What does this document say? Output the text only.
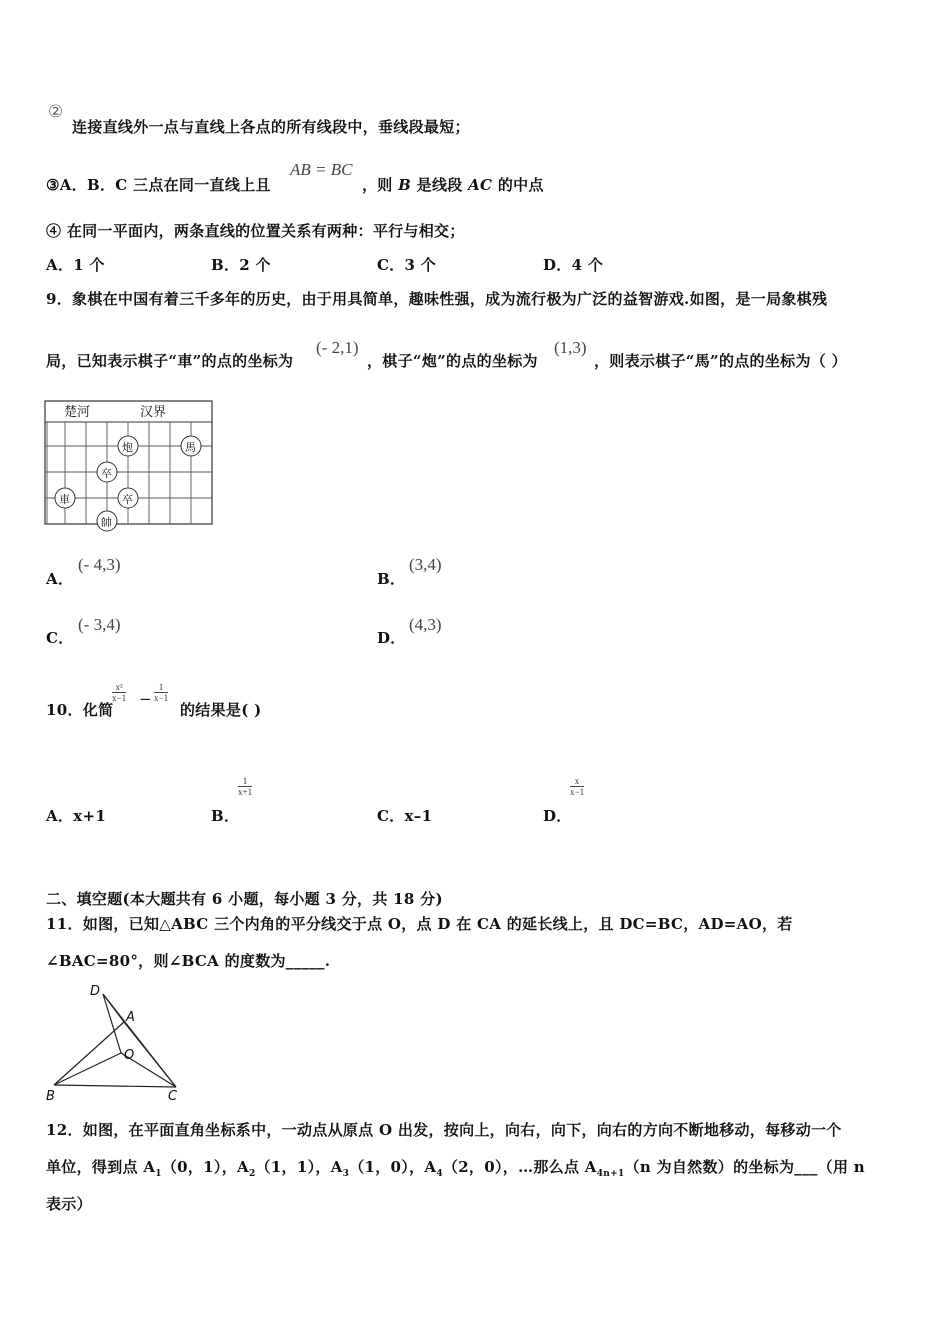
②
连接直线外一点与直线上各点的所有线段中，垂线段最短；
③A．B．C 三点在同一直线上且
AB = BC
，则 B 是线段 AC 的中点
④ 在同一平面内，两条直线的位置关系有两种：平行与相交；
A．1 个	B．2 个	C．3 个	D．4 个
9．象棋在中国有着三千多年的历史，由于用具简单，趣味性强，成为流行极为广泛的益智游戏.如图，是一局象棋残
局，已知表示棋子“車”的点的坐标为
(- 2,1)
，棋子“炮”的点的坐标为
(1,3)
，则表示棋子“馬”的点的坐标为（ ）
楚河	汉界
炮	馬
卒
車	卒
帥
A．
(- 4,3)
B．
(3,4)
C．
(- 3,4)
D．
(4,3)
10．化简
$\frac{\text{x²}}{x-1} - \frac{1}{x-1}$
的结果是( )
A．x+1	B．
$\frac{1}{x+1}$
C．x–1	D．
$\frac{x}{x-1}$
二、填空题(本大题共有 6 小题，每小题 3 分，共 18 分)
11．如图，已知△ABC 三个内角的平分线交于点 O，点 D 在 CA 的延长线上，且 DC=BC，AD=AO，若
∠BAC=80°，则∠BCA 的度数为_____.
D
A
O
B	C
12．如图，在平面直角坐标系中，一动点从原点 O 出发，按向上，向右，向下，向右的方向不断地移动，每移动一个
单位，得到点 $A_1(0$，1），$A_2(1$，1），$A_3(1$，0），$A_4(2$，0），…那么点 $A_{4n+1}(n$ 为自然数）的坐标为___（用 n
表示）
